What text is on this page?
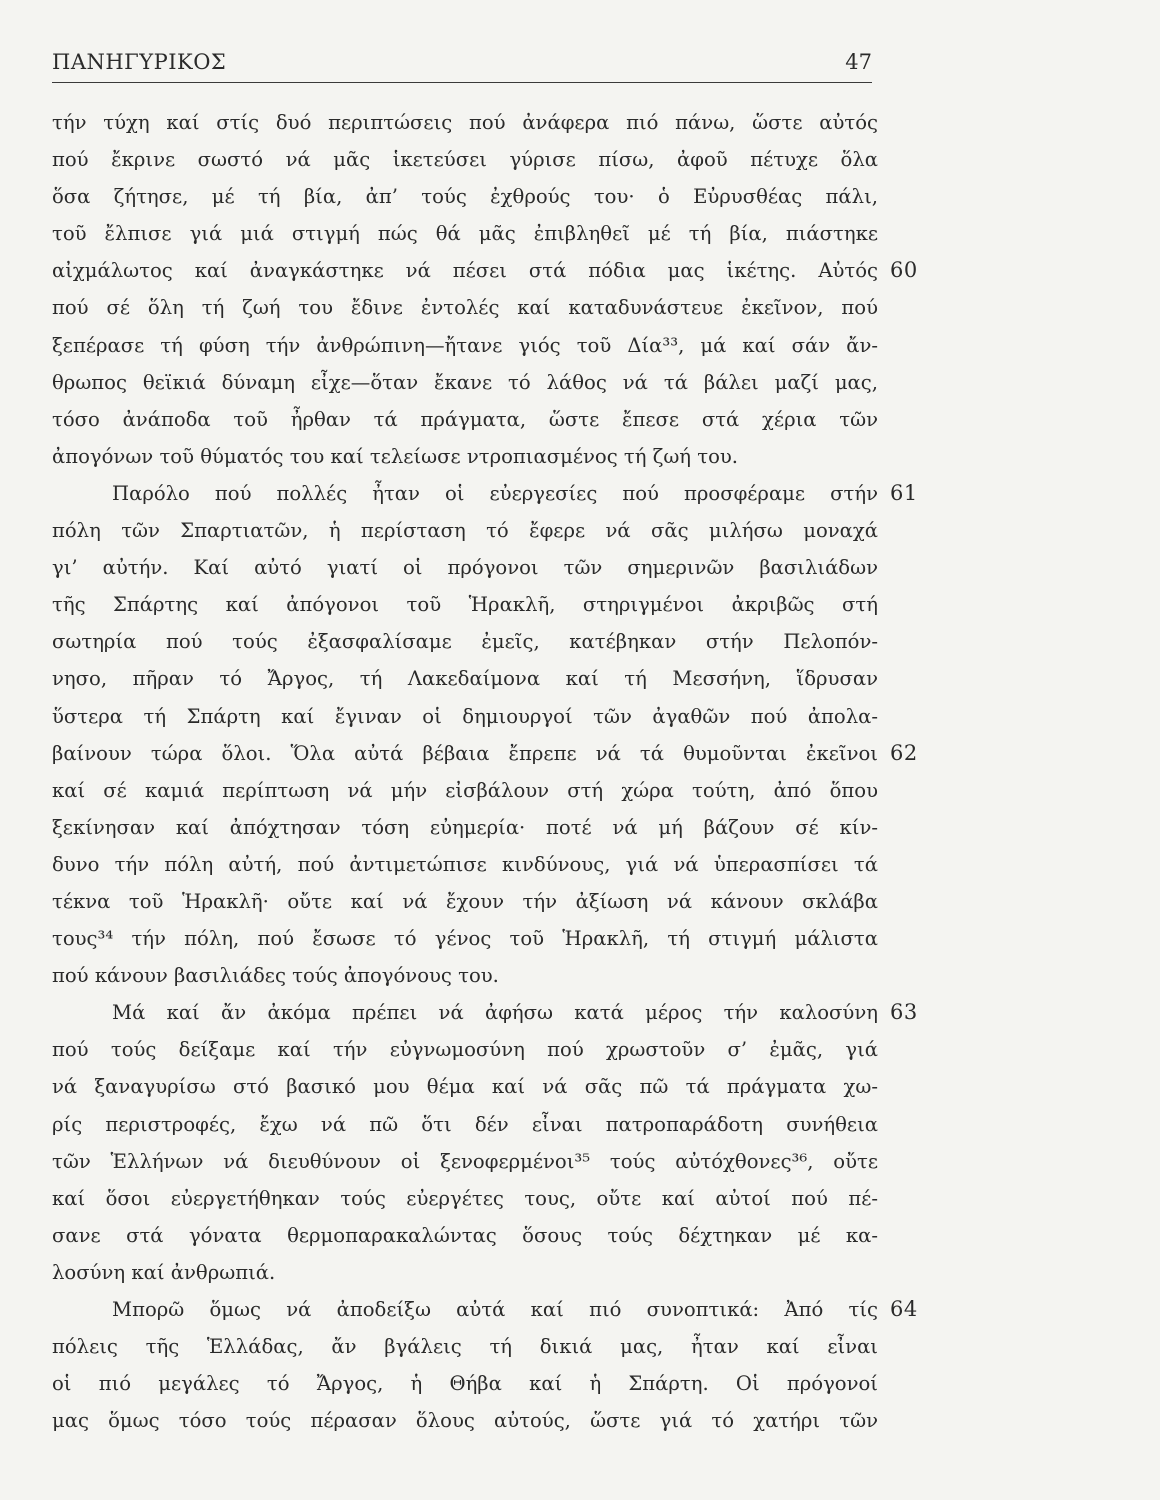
ΠΑΝΗΓΥΡΙΚΟΣ	47
τήν τύχη καί στίς δυό περιπτώσεις πού ἀνάφερα πιό πάνω, ὥστε αὐτός
πού ἔκρινε σωστό νά μᾶς ἱκετεύσει γύρισε πίσω, ἀφοῦ πέτυχε ὅλα
ὅσα ζήτησε, μέ τή βία, ἀπ’ τούς ἐχθρούς του· ὁ Εὐρυσθέας πάλι,
τοῦ ἔλπισε γιά μιά στιγμή πώς θά μᾶς ἐπιβληθεῖ μέ τή βία, πιάστηκε
αἰχμάλωτος καί ἀναγκάστηκε νά πέσει στά πόδια μας ἱκέτης. Αὐτός 60
πού σέ ὅλη τή ζωή του ἔδινε ἐντολές καί καταδυνάστευε ἐκεῖνον, πού
ξεπέρασε τή φύση τήν ἀνθρώπινη—ἤτανε γιός τοῦ Δία³³, μά καί σάν ἄν-
θρωπος θεϊκιά δύναμη εἶχε—ὅταν ἔκανε τό λάθος νά τά βάλει μαζί μας,
τόσο ἀνάποδα τοῦ ἦρθαν τά πράγματα, ὥστε ἔπεσε στά χέρια τῶν
ἀπογόνων τοῦ θύματός του καί τελείωσε ντροπιασμένος τή ζωή του.
Παρόλο πού πολλές ἦταν οἱ εὐεργεσίες πού προσφέραμε στήν 61
πόλη τῶν Σπαρτιατῶν, ἡ περίσταση τό ἔφερε νά σᾶς μιλήσω μοναχά
γι’ αὐτήν. Καί αὐτό γιατί οἱ πρόγονοι τῶν σημερινῶν βασιλιάδων
τῆς Σπάρτης καί ἀπόγονοι τοῦ Ἡρακλῆ, στηριγμένοι ἀκριβῶς στή
σωτηρία πού τούς ἐξασφαλίσαμε ἐμεῖς, κατέβηκαν στήν Πελοπόν-
νησο, πῆραν τό Ἄργος, τή Λακεδαίμονα καί τή Μεσσήνη, ἵδρυσαν
ὕστερα τή Σπάρτη καί ἔγιναν οἱ δημιουργοί τῶν ἀγαθῶν πού ἀπολα-
βαίνουν τώρα ὅλοι. Ὅλα αὐτά βέβαια ἔπρεπε νά τά θυμοῦνται ἐκεῖνοι 62
καί σέ καμιά περίπτωση νά μήν εἰσβάλουν στή χώρα τούτη, ἀπό ὅπου
ξεκίνησαν καί ἀπόχτησαν τόση εὐημερία· ποτέ νά μή βάζουν σέ κίν-
δυνο τήν πόλη αὐτή, πού ἀντιμετώπισε κινδύνους, γιά νά ὑπερασπίσει τά
τέκνα τοῦ Ἡρακλῆ· οὔτε καί νά ἔχουν τήν ἀξίωση νά κάνουν σκλάβα
τους³⁴ τήν πόλη, πού ἔσωσε τό γένος τοῦ Ἡρακλῆ, τή στιγμή μάλιστα
πού κάνουν βασιλιάδες τούς ἀπογόνους του.
Μά καί ἄν ἀκόμα πρέπει νά ἀφήσω κατά μέρος τήν καλοσύνη 63
πού τούς δείξαμε καί τήν εὐγνωμοσύνη πού χρωστοῦν σ’ ἐμᾶς, γιά
νά ξαναγυρίσω στό βασικό μου θέμα καί νά σᾶς πῶ τά πράγματα χω-
ρίς περιστροφές, ἔχω νά πῶ ὅτι δέν εἶναι πατροπαράδοτη συνήθεια
τῶν Ἑλλήνων νά διευθύνουν οἱ ξενοφερμένοι³⁵ τούς αὐτόχθονες³⁶, οὔτε
καί ὅσοι εὐεργετήθηκαν τούς εὐεργέτες τους, οὔτε καί αὐτοί πού πέ-
σανε στά γόνατα θερμοπαρακαλώντας ὅσους τούς δέχτηκαν μέ κα-
λοσύνη καί ἀνθρωπιά.
Μπορῶ ὅμως νά ἀποδείξω αὐτά καί πιό συνοπτικά: Ἀπό τίς 64
πόλεις τῆς Ἑλλάδας, ἄν βγάλεις τή δικιά μας, ἦταν καί εἶναι
οἱ πιό μεγάλες τό Ἄργος, ἡ Θήβα καί ἡ Σπάρτη. Οἱ πρόγονοί
μας ὅμως τόσο τούς πέρασαν ὅλους αὐτούς, ὥστε γιά τό χατήρι τῶν
